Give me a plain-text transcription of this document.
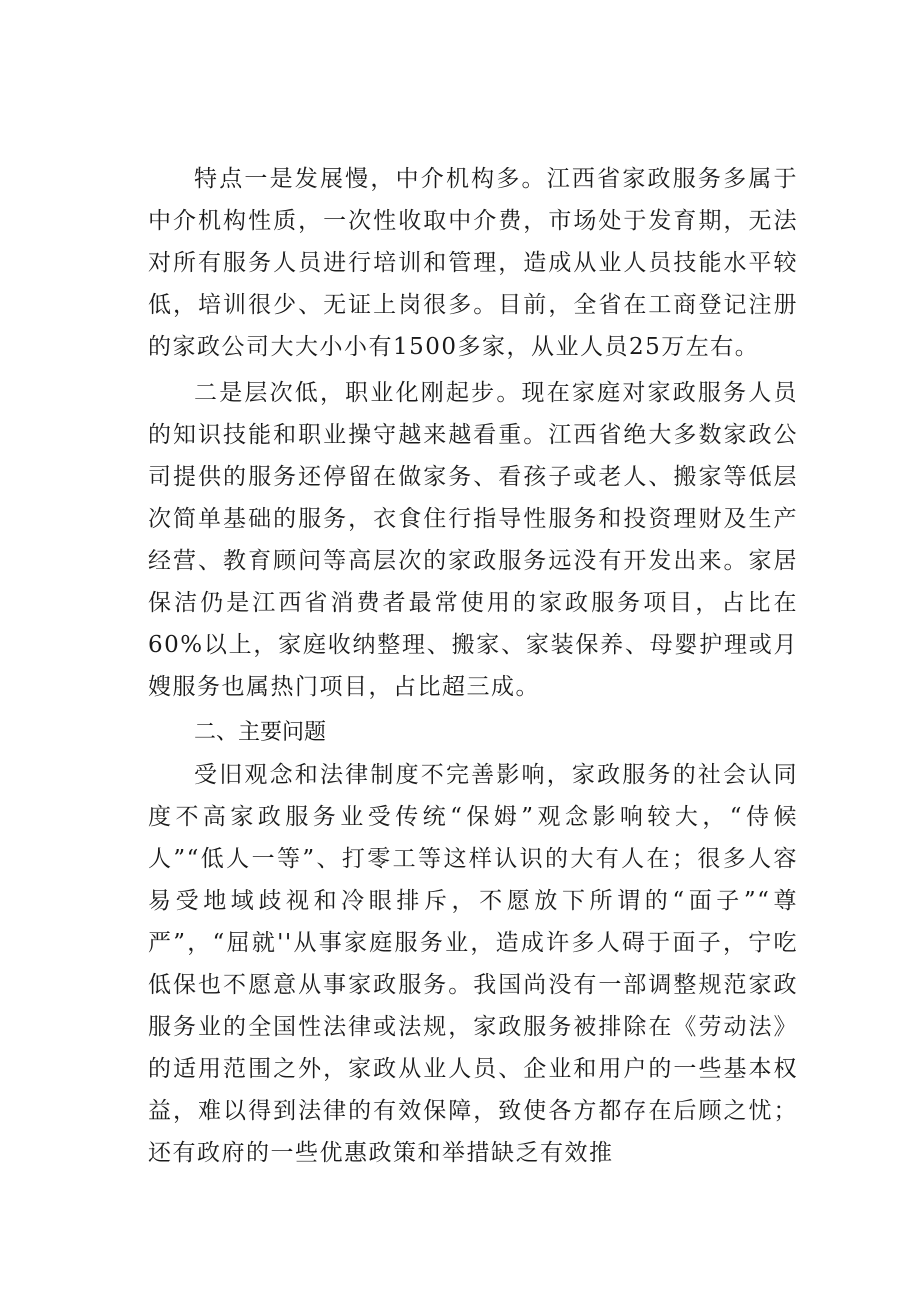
特点一是发展慢，中介机构多。江西省家政服务多属于中介机构性质，一次性收取中介费，市场处于发育期，无法对所有服务人员进行培训和管理，造成从业人员技能水平较低，培训很少、无证上岗很多。目前，全省在工商登记注册的家政公司大大小小有1500多家，从业人员25万左右。

二是层次低，职业化刚起步。现在家庭对家政服务人员的知识技能和职业操守越来越看重。江西省绝大多数家政公司提供的服务还停留在做家务、看孩子或老人、搬家等低层次简单基础的服务，衣食住行指导性服务和投资理财及生产经营、教育顾问等高层次的家政服务远没有开发出来。家居保洁仍是江西省消费者最常使用的家政服务项目，占比在60%以上，家庭收纳整理、搬家、家装保养、母婴护理或月嫂服务也属热门项目，占比超三成。

二、主要问题

受旧观念和法律制度不完善影响，家政服务的社会认同度不高家政服务业受传统“保姆”观念影响较大，“侍候人”“低人一等”、打零工等这样认识的大有人在；很多人容易受地域歧视和冷眼排斥，不愿放下所谓的“面子”“尊严”，“屈就''从事家庭服务业，造成许多人碍于面子，宁吃低保也不愿意从事家政服务。我国尚没有一部调整规范家政服务业的全国性法律或法规，家政服务被排除在《劳动法》的适用范围之外，家政从业人员、企业和用户的一些基本权益，难以得到法律的有效保障，致使各方都存在后顾之忧；还有政府的一些优惠政策和举措缺乏有效推
